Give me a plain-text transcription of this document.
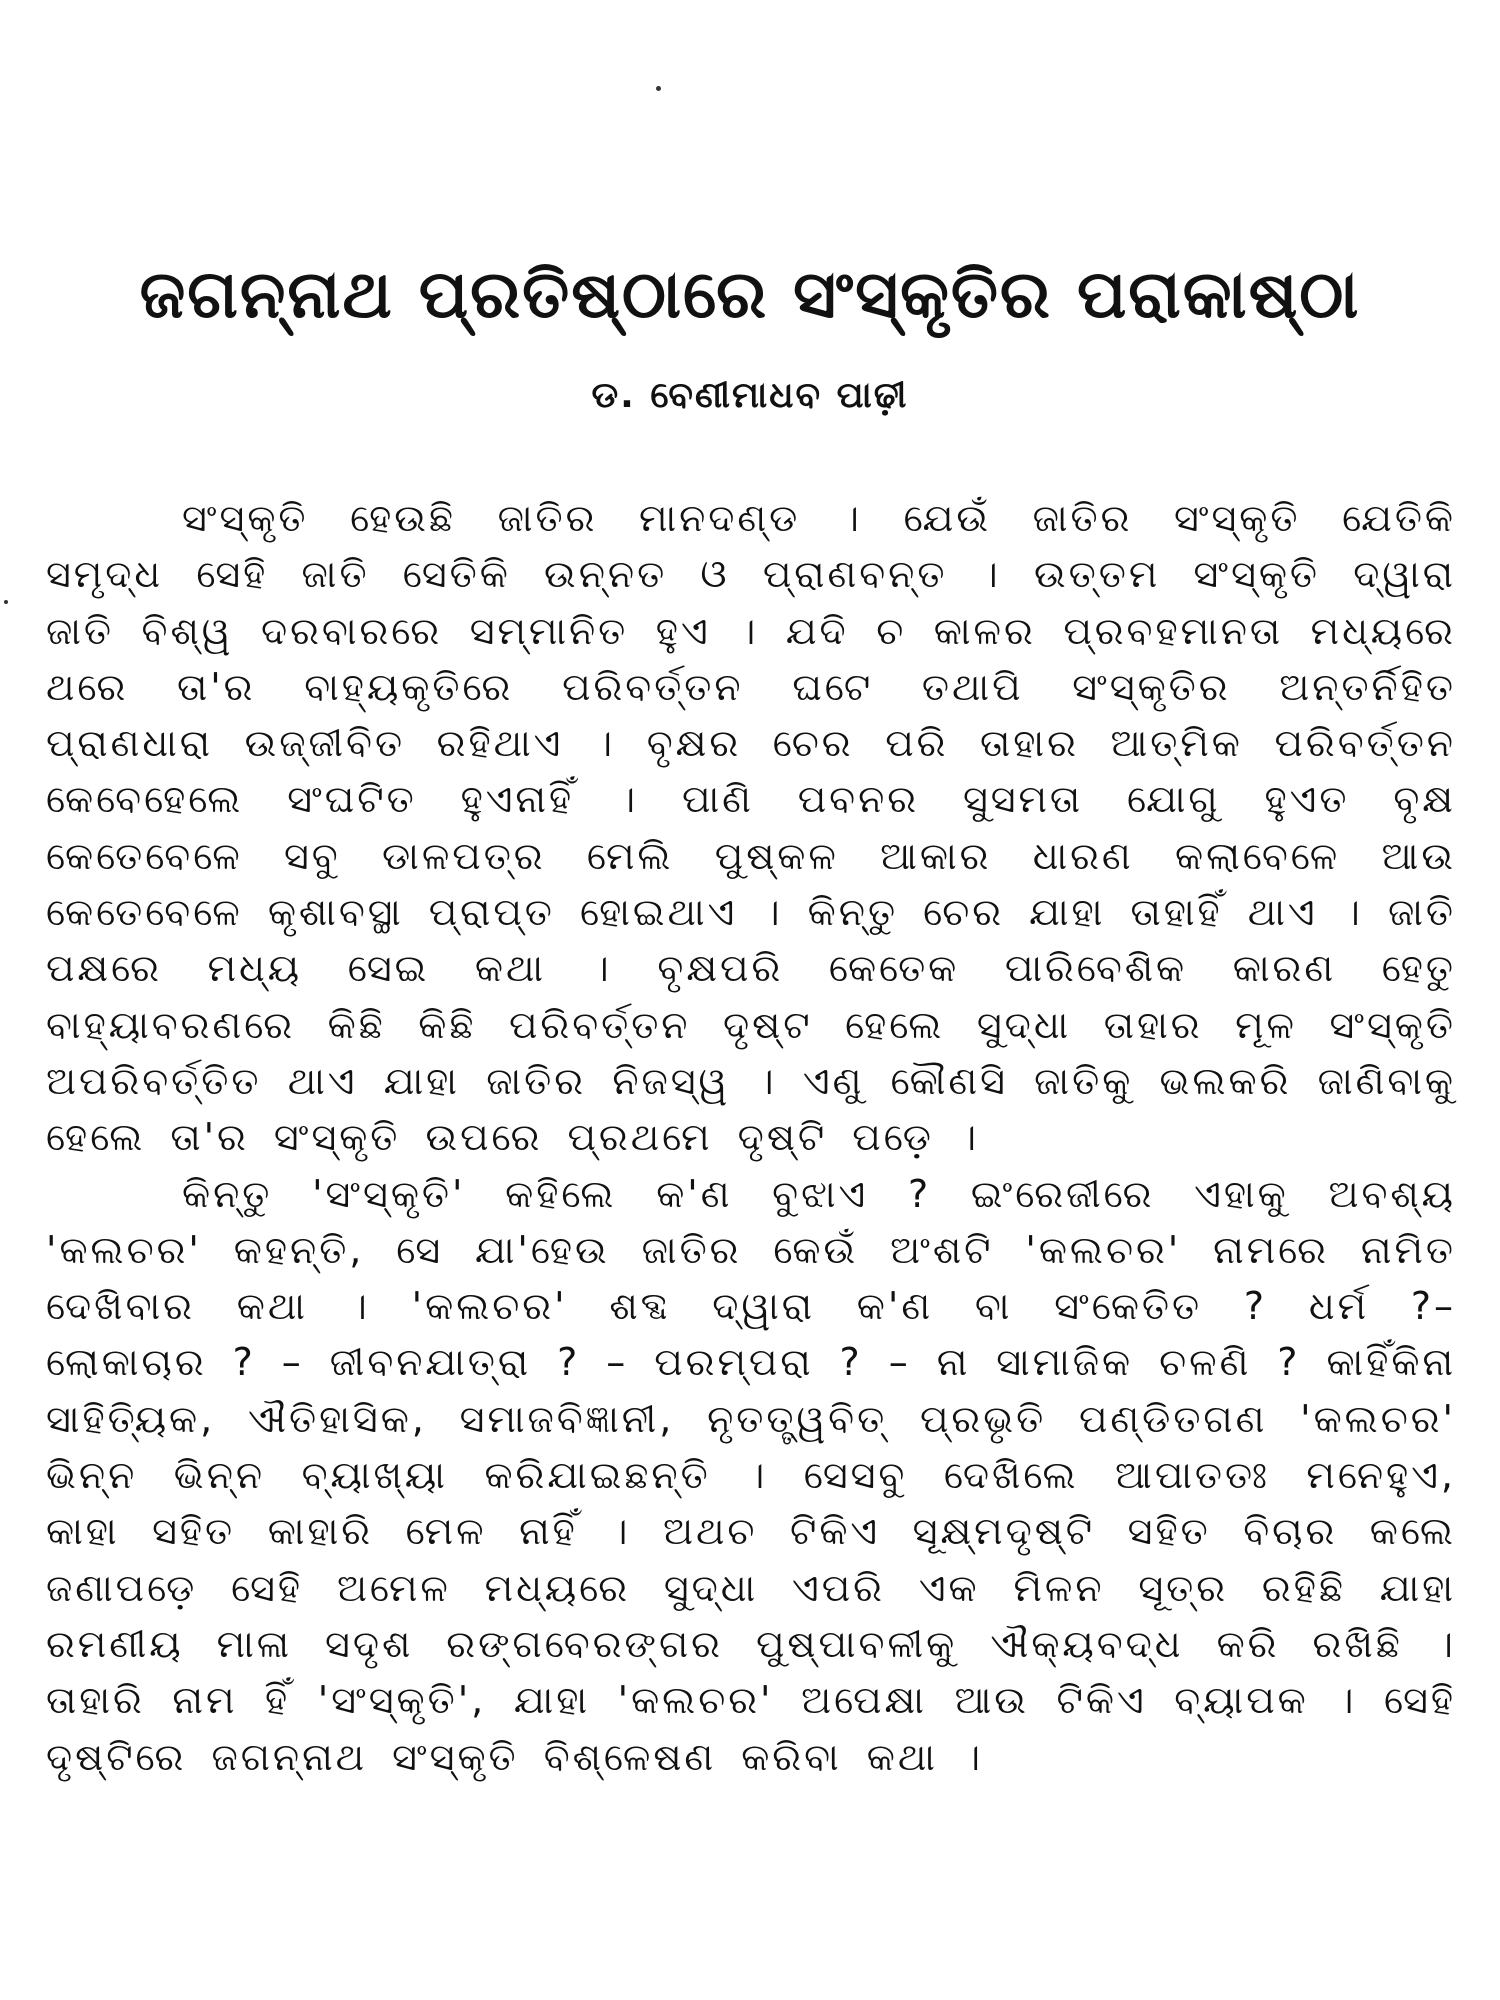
ଜଗନ୍ନାଥ ପ୍ରତିଷ୍ଠାରେ ସଂସ୍କୃତିର ପରାକାଷ୍ଠା
ଡ. ବେଣୀମାଧବ ପାଢ଼ୀ

ସଂସ୍କୃତି ହେଉଛି ଜାତିର ମାନଦଣ୍ଡ । ଯେଉଁ ଜାତିର ସଂସ୍କୃତି ଯେତିକି ସମୃଦ୍ଧ ସେହି ଜାତି ସେତିକି ଉନ୍ନତ ଓ ପ୍ରାଣବନ୍ତ । ଉତ୍ତମ ସଂସ୍କୃତି ଦ୍ୱାରା ଜାତି ବିଶ୍ୱ ଦରବାରରେ ସମ୍ମାନିତ ହୁଏ । ଯଦି ଚ କାଳର ପ୍ରବହମାନତା ମଧ୍ୟରେ ଥରେ ତା'ର ବାହ୍ୟକୃତିରେ ପରିବର୍ତ୍ତନ ଘଟେ ତଥାପି ସଂସ୍କୃତିର ଅନ୍ତର୍ନିହିତ ପ୍ରାଣଧାରା ଉଜ୍ଜୀବିତ ରହିଥାଏ । ବୃକ୍ଷର ଚେର ପରି ତାହାର ଆତ୍ମିକ ପରିବର୍ତ୍ତନ କେବେହେଲେ ସଂଘଟିତ ହୁଏନାହିଁ । ପାଣି ପବନର ସୁସମତା ଯୋଗୁ ହୁଏତ ବୃକ୍ଷ କେତେବେଳେ ସବୁ ଡାଳପତ୍ର ମେଲି ପୁଷ୍କଳ ଆକାର ଧାରଣ କଲାବେଳେ ଆଉ କେତେବେଳେ କୃଶାବସ୍ଥା ପ୍ରାପ୍ତ ହୋଇଥାଏ । କିନ୍ତୁ ଚେର ଯାହା ତାହାହିଁ ଥାଏ । ଜାତି ପକ୍ଷରେ ମଧ୍ୟ ସେଇ କଥା । ବୃକ୍ଷପରି କେତେକ ପାରିବେଶିକ କାରଣ ହେତୁ ବାହ୍ୟାବରଣରେ କିଛି କିଛି ପରିବର୍ତ୍ତନ ଦୃଷ୍ଟ ହେଲେ ସୁଦ୍ଧା ତାହାର ମୂଳ ସଂସ୍କୃତି ଅପରିବର୍ତ୍ତିତ ଥାଏ ଯାହା ଜାତିର ନିଜସ୍ୱ । ଏଣୁ କୌଣସି ଜାତିକୁ ଭଲକରି ଜାଣିବାକୁ ହେଲେ ତା'ର ସଂସ୍କୃତି ଉପରେ ପ୍ରଥମେ ଦୃଷ୍ଟି ପଡ଼େ ।

କିନ୍ତୁ 'ସଂସ୍କୃତି' କହିଲେ କ'ଣ ବୁଝାଏ ? ଇଂରେଜୀରେ ଏହାକୁ ଅବଶ୍ୟ 'କଲଚର' କହନ୍ତି, ସେ ଯା'ହେଉ ଜାତିର କେଉଁ ଅଂଶଟି 'କଲଚର' ନାମରେ ନାମିତ ଦେଖିବାର କଥା । 'କଲଚର' ଶବ୍ଦ ଦ୍ୱାରା କ'ଣ ବା ସଂକେତିତ ? ଧର୍ମ ?– ଲୋକାଚାର ? – ଜୀବନଯାତ୍ରା ? – ପରମ୍ପରା ? – ନା ସାମାଜିକ ଚଳଣି ? କାହିଁକିନା ସାହିତ୍ୟିକ, ଐତିହାସିକ, ସମାଜବିଜ୍ଞାନୀ, ନୃତତ୍ତ୍ୱବିତ୍ ପ୍ରଭୃତି ପଣ୍ଡିତଗଣ 'କଲଚର' ଭିନ୍ନ ଭିନ୍ନ ବ୍ୟାଖ୍ୟା କରିଯାଇଛନ୍ତି । ସେସବୁ ଦେଖିଲେ ଆପାତତଃ ମନେହୁଏ, କାହା ସହିତ କାହାରି ମେଳ ନାହିଁ । ଅଥଚ ଟିକିଏ ସୂକ୍ଷ୍ମଦୃଷ୍ଟି ସହିତ ବିଚାର କଲେ ଜଣାପଡ଼େ ସେହି ଅମେଳ ମଧ୍ୟରେ ସୁଦ୍ଧା ଏପରି ଏକ ମିଳନ ସୂତ୍ର ରହିଛି ଯାହା ରମଣୀୟ ମାଳା ସଦୃଶ ରଙ୍ଗବେରଙ୍ଗର ପୁଷ୍ପାବଳୀକୁ ଐକ୍ୟବଦ୍ଧ କରି ରଖିଛି । ତାହାରି ନାମ ହିଁ 'ସଂସ୍କୃତି', ଯାହା 'କଲଚର' ଅପେକ୍ଷା ଆଉ ଟିକିଏ ବ୍ୟାପକ । ସେହି ଦୃଷ୍ଟିରେ ଜଗନ୍ନାଥ ସଂସ୍କୃତି ବିଶ୍ଳେଷଣ କରିବା କଥା ।
